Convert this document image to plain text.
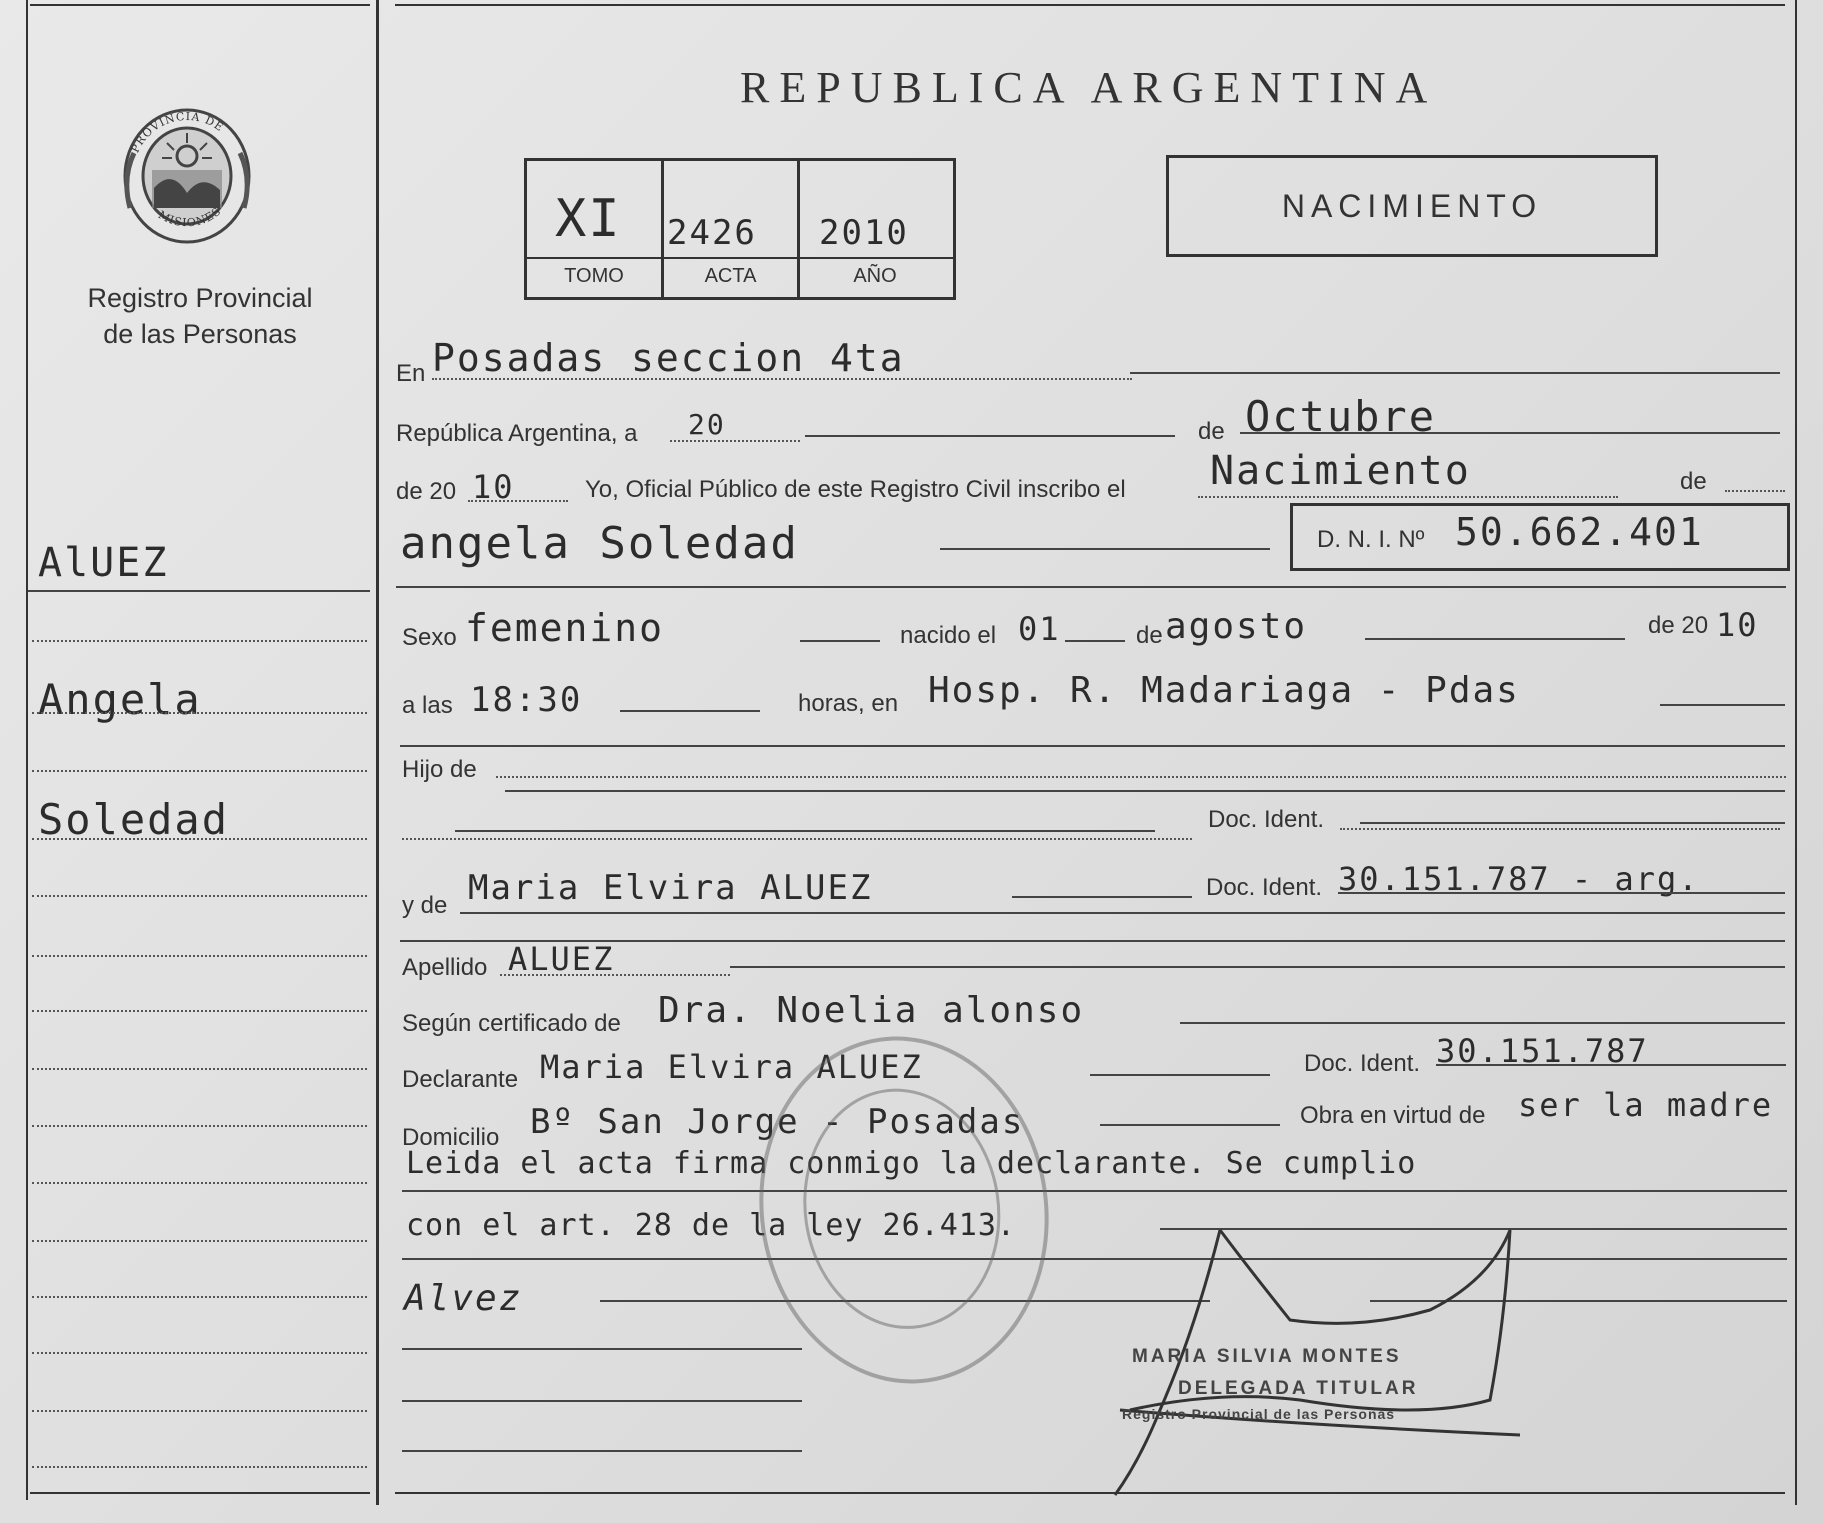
PROVINCIA DE
MISIONES
Registro Provincial
de las Personas
AlUEZ
Angela
Soledad
REPUBLICA ARGENTINA
XI 2426 2010
TOMO	ACTA	AÑO
NACIMIENTO
En Posadas seccion 4ta
República Argentina, a 20	de Octubre
de 20 10	Yo, Oficial Público de este Registro Civil inscribo el Nacimiento	de
angela Soledad	D. N. I. Nº 50.662.401
Sexo femenino	nacido el 01	de agosto	de 20 10
a las 18:30	horas, en Hosp. R. Madariaga - Pdas
Hijo de
Doc. Ident.
y de Maria Elvira ALUEZ	Doc. Ident. 30.151.787 - arg.
Apellido ALUEZ
Según certificado de Dra. Noelia alonso
Declarante Maria Elvira ALUEZ	Doc. Ident. 30.151.787
Domicilio Bº San Jorge - Posadas	Obra en virtud de ser la madre
Leida el acta firma conmigo la declarante. Se cumplio
con el art. 28 de la ley 26.413.
Alvez
MARIA SILVIA MONTES
DELEGADA TITULAR
Registro Provincial de las Personas
